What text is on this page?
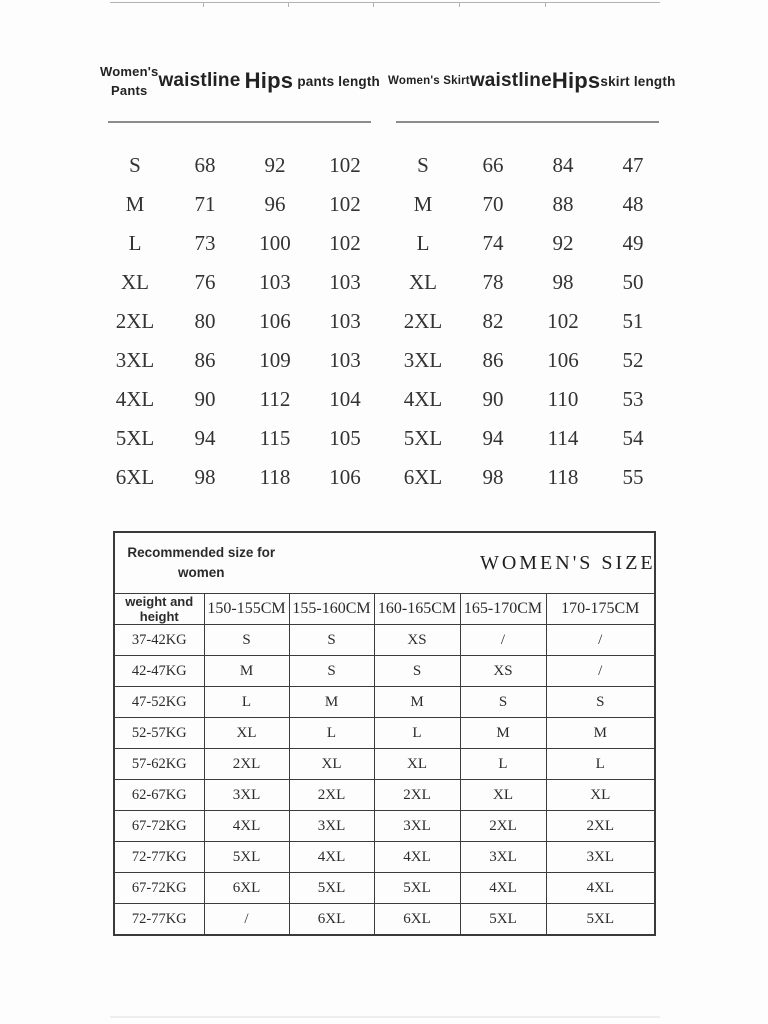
Women's Pants waistline Hips pants length
S	68	92	102
M	71	96	102
L	73	100	102
XL	76	103	103
2XL	80	106	103
3XL	86	109	103
4XL	90	112	104
5XL	94	115	105
6XL	98	118	106
Women's Skirt waistline Hips skirt length
S	66	84	47
M	70	88	48
L	74	92	49
XL	78	98	50
2XL	82	102	51
3XL	86	106	52
4XL	90	110	53
5XL	94	114	54
6XL	98	118	55
Recommended size for
women WOMEN'S SIZE					

weight and height	150-155CM	155-160CM	160-165CM	165-170CM	170-175CM
37-42KG	S	S	XS	/	/
42-47KG	M	S	S	XS	/
47-52KG	L	M	M	S	S
52-57KG	XL	L	L	M	M
57-62KG	2XL	XL	XL	L	L
62-67KG	3XL	2XL	2XL	XL	XL
67-72KG	4XL	3XL	3XL	2XL	2XL
72-77KG	5XL	4XL	4XL	3XL	3XL
67-72KG	6XL	5XL	5XL	4XL	4XL
72-77KG	/	6XL	6XL	5XL	5XL
